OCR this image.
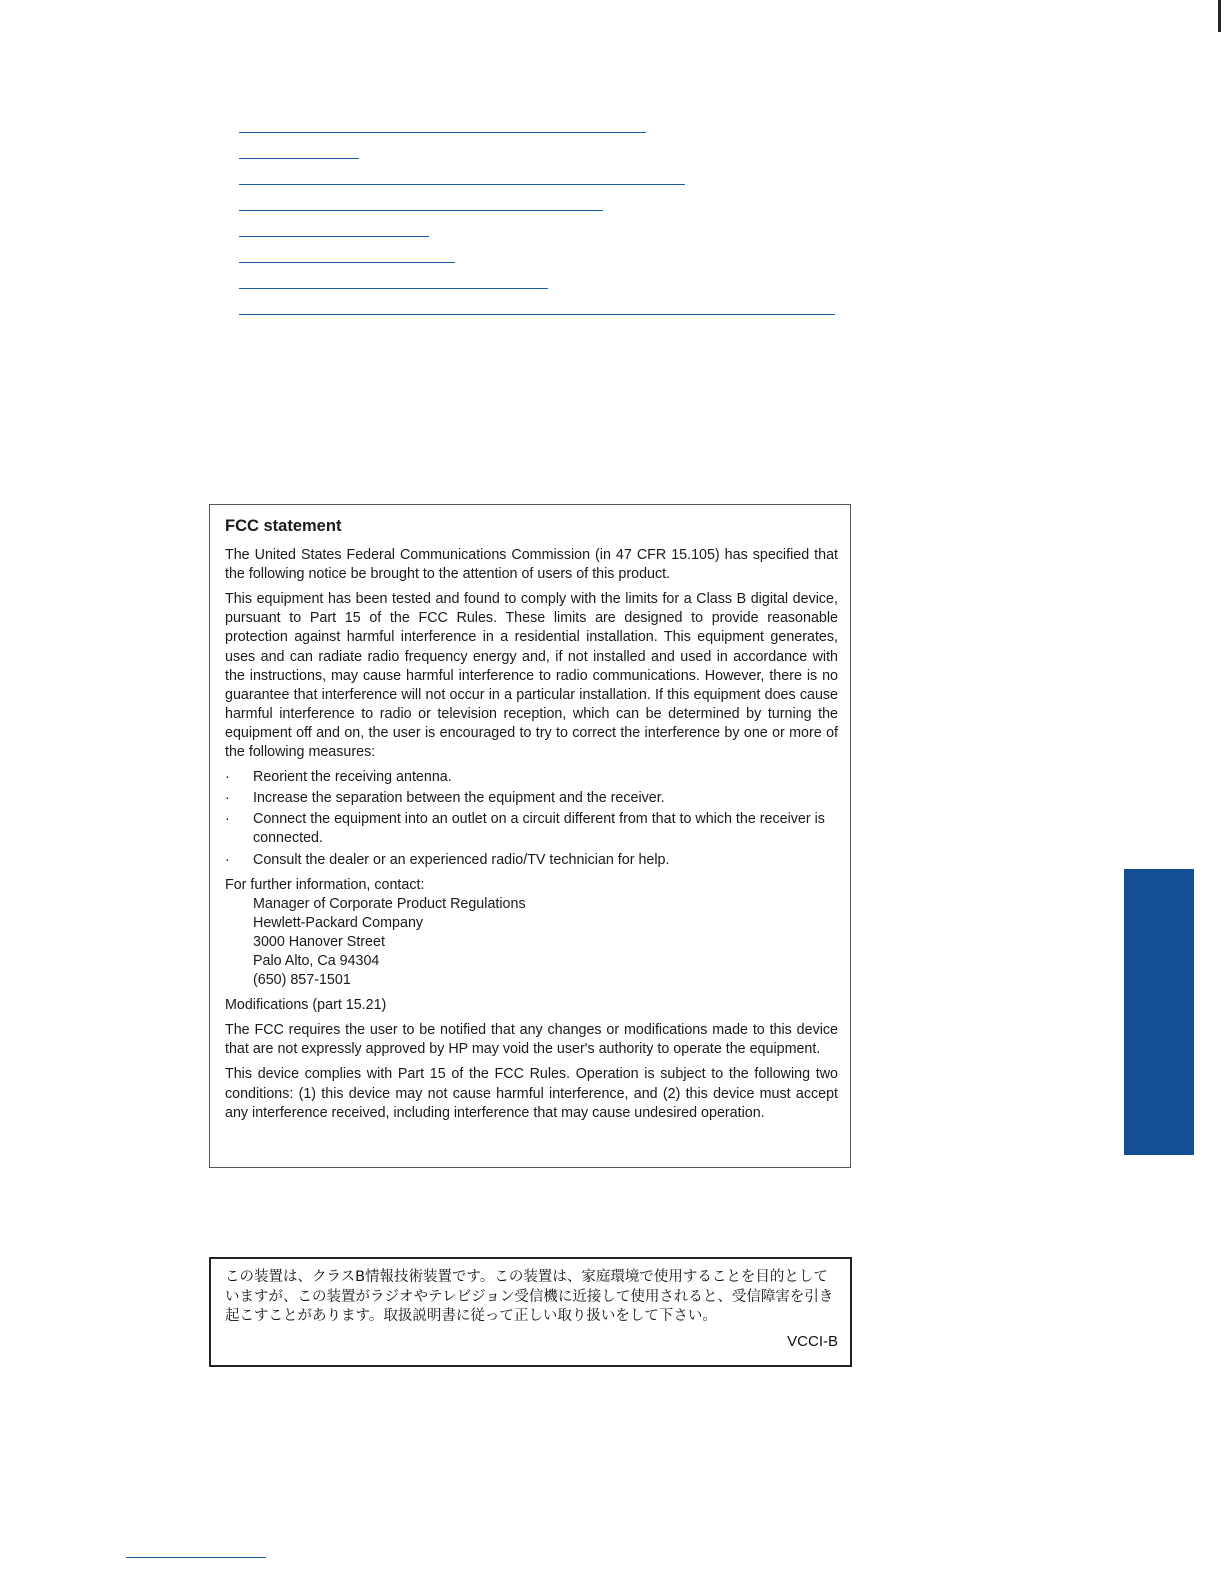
FCC statement

The United States Federal Communications Commission (in 47 CFR 15.105) has specified that the following notice be brought to the attention of users of this product.

This equipment has been tested and found to comply with the limits for a Class B digital device, pursuant to Part 15 of the FCC Rules. These limits are designed to provide reasonable protection against harmful interference in a residential installation. This equipment generates, uses and can radiate radio frequency energy and, if not installed and used in accordance with the instructions, may cause harmful interference to radio communications. However, there is no guarantee that interference will not occur in a particular installation. If this equipment does cause harmful interference to radio or television reception, which can be determined by turning the equipment off and on, the user is encouraged to try to correct the interference by one or more of the following measures:

· Reorient the receiving antenna.
· Increase the separation between the equipment and the receiver.
· Connect the equipment into an outlet on a circuit different from that to which the receiver is connected.
· Consult the dealer or an experienced radio/TV technician for help.

For further information, contact:

Manager of Corporate Product Regulations
Hewlett-Packard Company
3000 Hanover Street
Palo Alto, Ca 94304
(650) 857-1501

Modifications (part 15.21)

The FCC requires the user to be notified that any changes or modifications made to this device that are not expressly approved by HP may void the user's authority to operate the equipment.

This device complies with Part 15 of the FCC Rules. Operation is subject to the following two conditions: (1) this device may not cause harmful interference, and (2) this device must accept any interference received, including interference that may cause undesired operation.

この装置は、クラスB情報技術装置です。この装置は、家庭環境で使用することを目的としていますが、この装置がラジオやテレビジョン受信機に近接して使用されると、受信障害を引き起こすことがあります。取扱説明書に従って正しい取り扱いをして下さい。

VCCI-B
